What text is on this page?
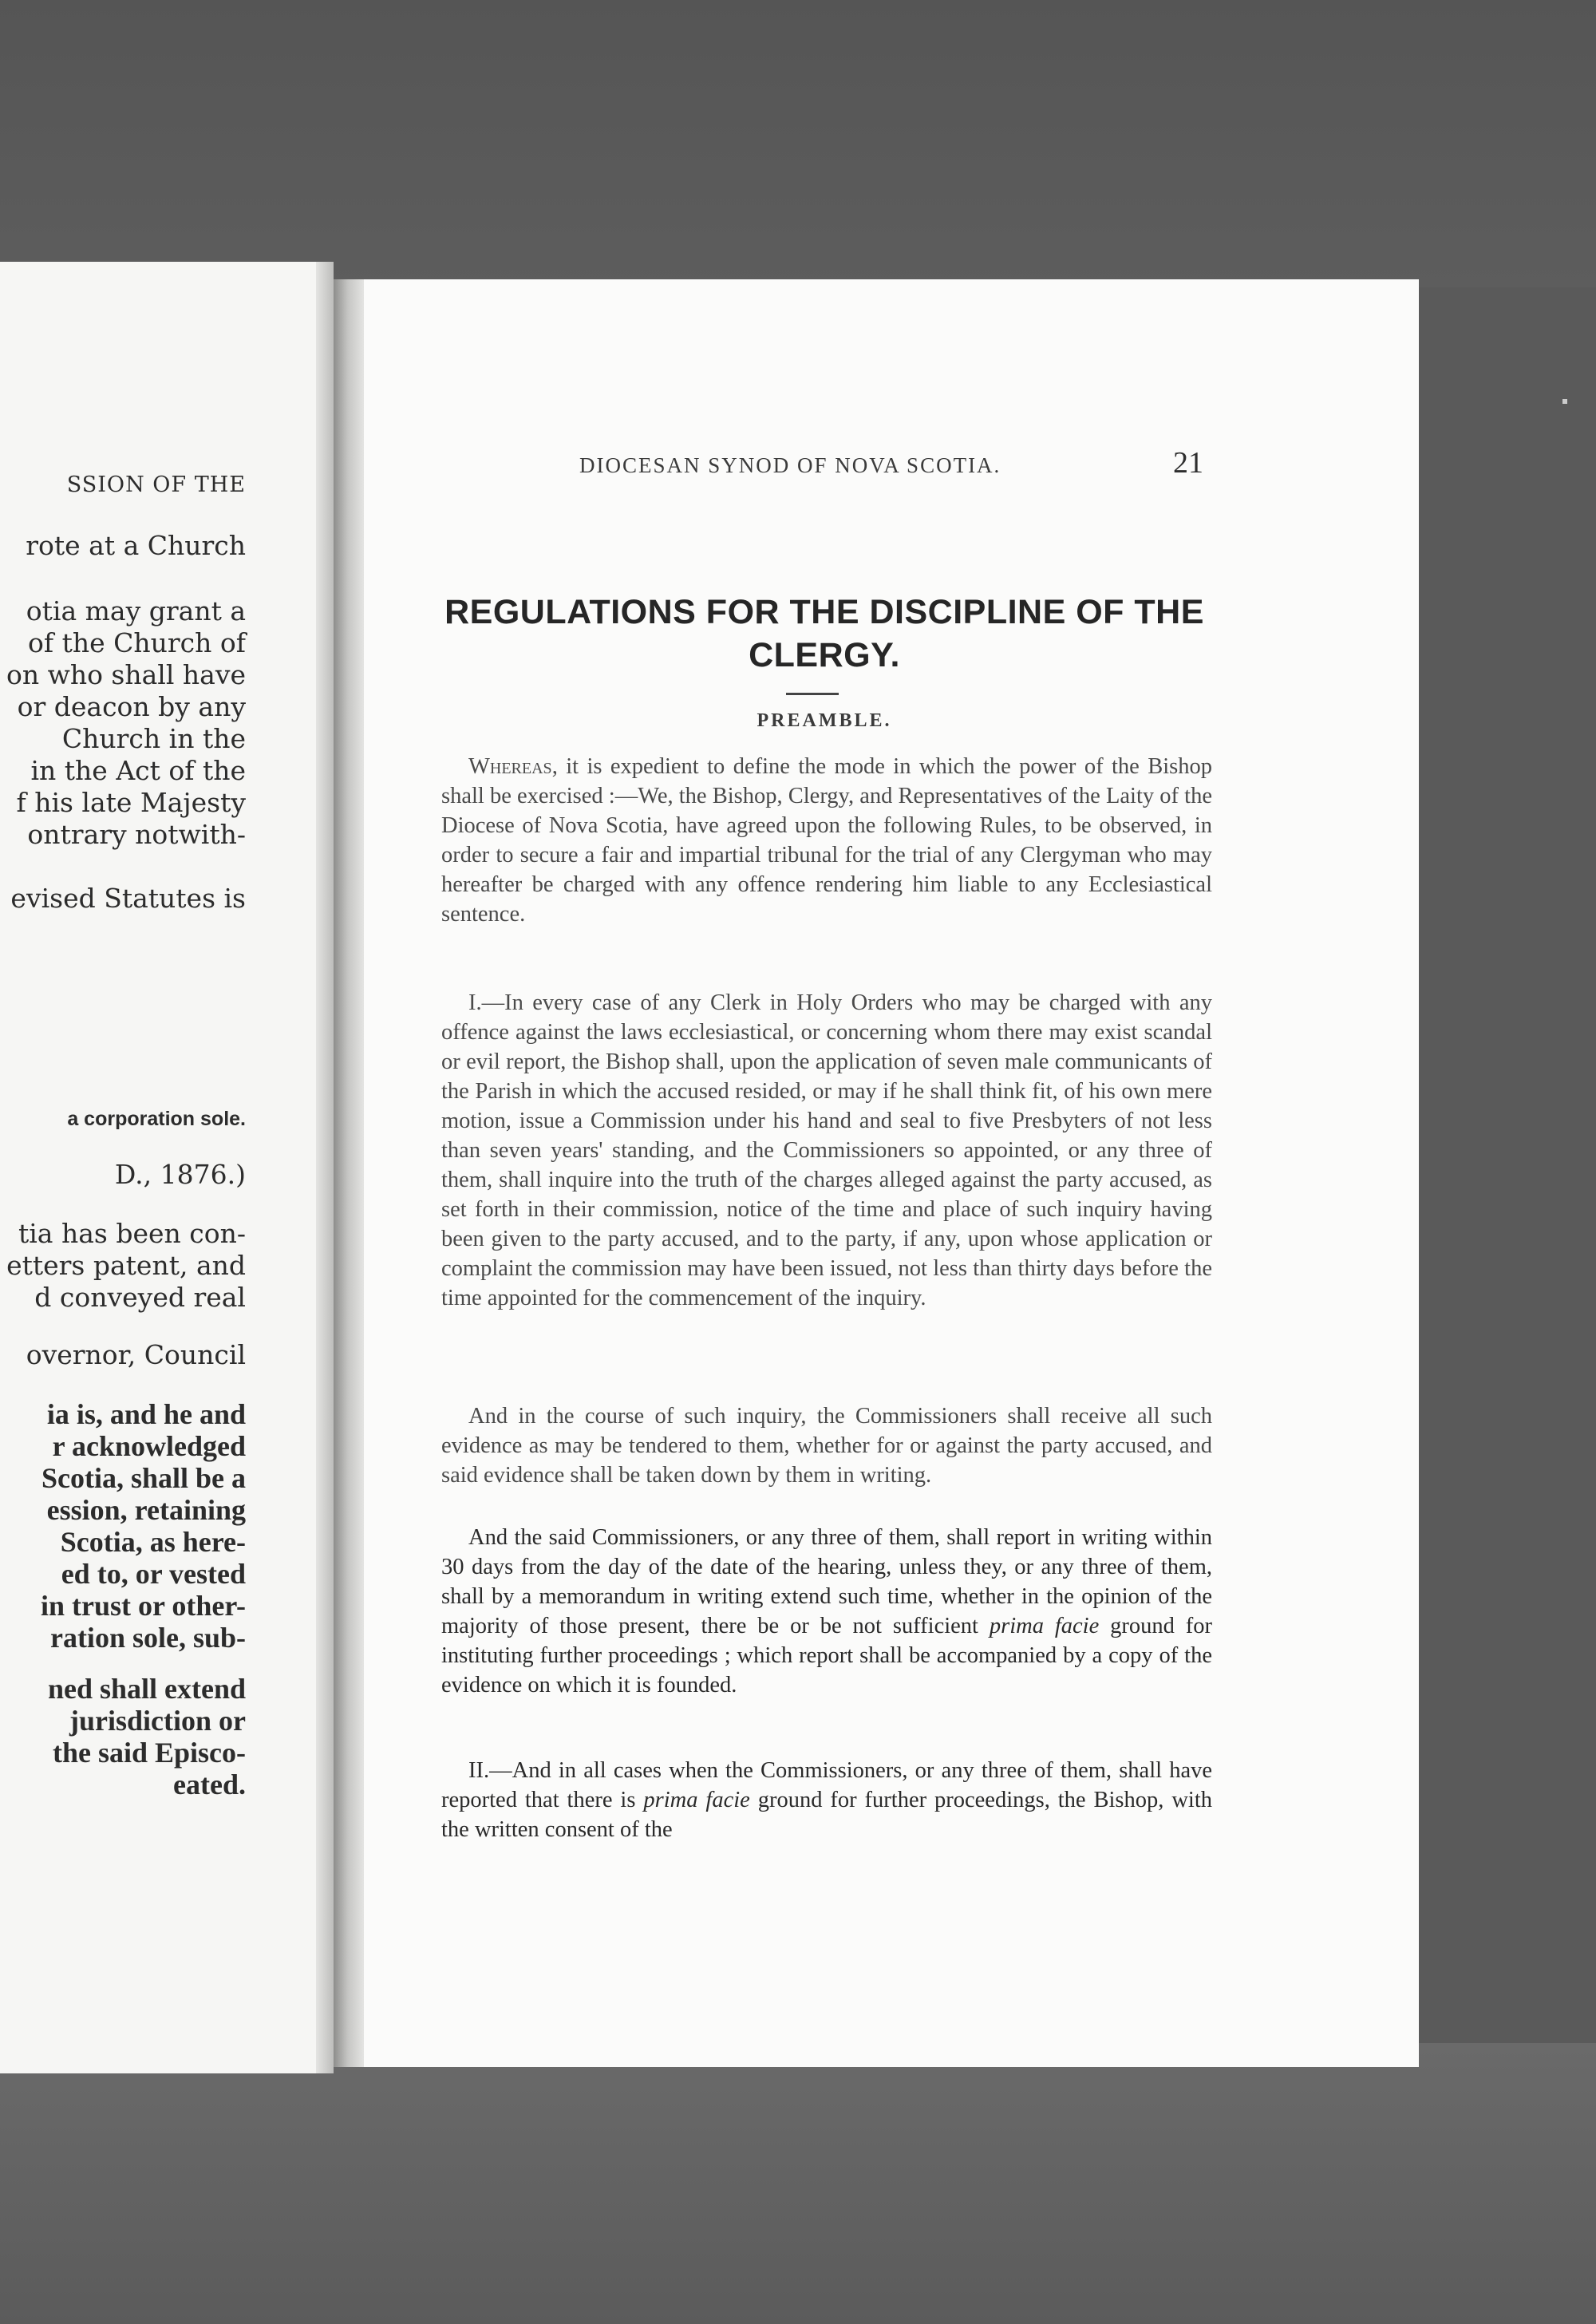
SSION OF THE
rote at a Church
otia may grant a
of the Church of
on who shall have
or deacon by any
Church in the
in the Act of the
f his late Majesty
ontrary notwith-
evised Statutes is
a corporation sole.
D., 1876.)
tia has been con-
etters patent, and
d conveyed real
overnor, Council
ia is, and he and
r acknowledged
Scotia, shall be a
ession, retaining
Scotia, as here-
ed to, or vested
in trust or other-
ration sole, sub-
ned shall extend
jurisdiction or
the said Episco-
eated.
DIOCESAN SYNOD OF NOVA SCOTIA.	21
REGULATIONS FOR THE DISCIPLINE OF THE
CLERGY.
PREAMBLE.

Whereas, it is expedient to define the mode in which the power of the Bishop shall be exercised :—We, the Bishop, Clergy, and Representatives of the Laity of the Diocese of Nova Scotia, have agreed upon the following Rules, to be observed, in order to secure a fair and impartial tribunal for the trial of any Clergyman who may hereafter be charged with any offence rendering him liable to any Ecclesiastical sentence.

I.—In every case of any Clerk in Holy Orders who may be charged with any offence against the laws ecclesiastical, or concerning whom there may exist scandal or evil report, the Bishop shall, upon the application of seven male communicants of the Parish in which the accused resided, or may if he shall think fit, of his own mere motion, issue a Commission under his hand and seal to five Presbyters of not less than seven years' standing, and the Commissioners so appointed, or any three of them, shall inquire into the truth of the charges alleged against the party accused, as set forth in their commission, notice of the time and place of such inquiry having been given to the party accused, and to the party, if any, upon whose application or complaint the commission may have been issued, not less than thirty days before the time appointed for the commencement of the inquiry.

And in the course of such inquiry, the Commissioners shall receive all such evidence as may be tendered to them, whether for or against the party accused, and said evidence shall be taken down by them in writing.

And the said Commissioners, or any three of them, shall report in writing within 30 days from the day of the date of the hearing, unless they, or any three of them, shall by a memorandum in writing extend such time, whether in the opinion of the majority of those present, there be or be not sufficient prima facie ground for instituting further proceedings ; which report shall be accompanied by a copy of the evidence on which it is founded.

II.—And in all cases when the Commissioners, or any three of them, shall have reported that there is prima facie ground for further proceedings, the Bishop, with the written consent of the
